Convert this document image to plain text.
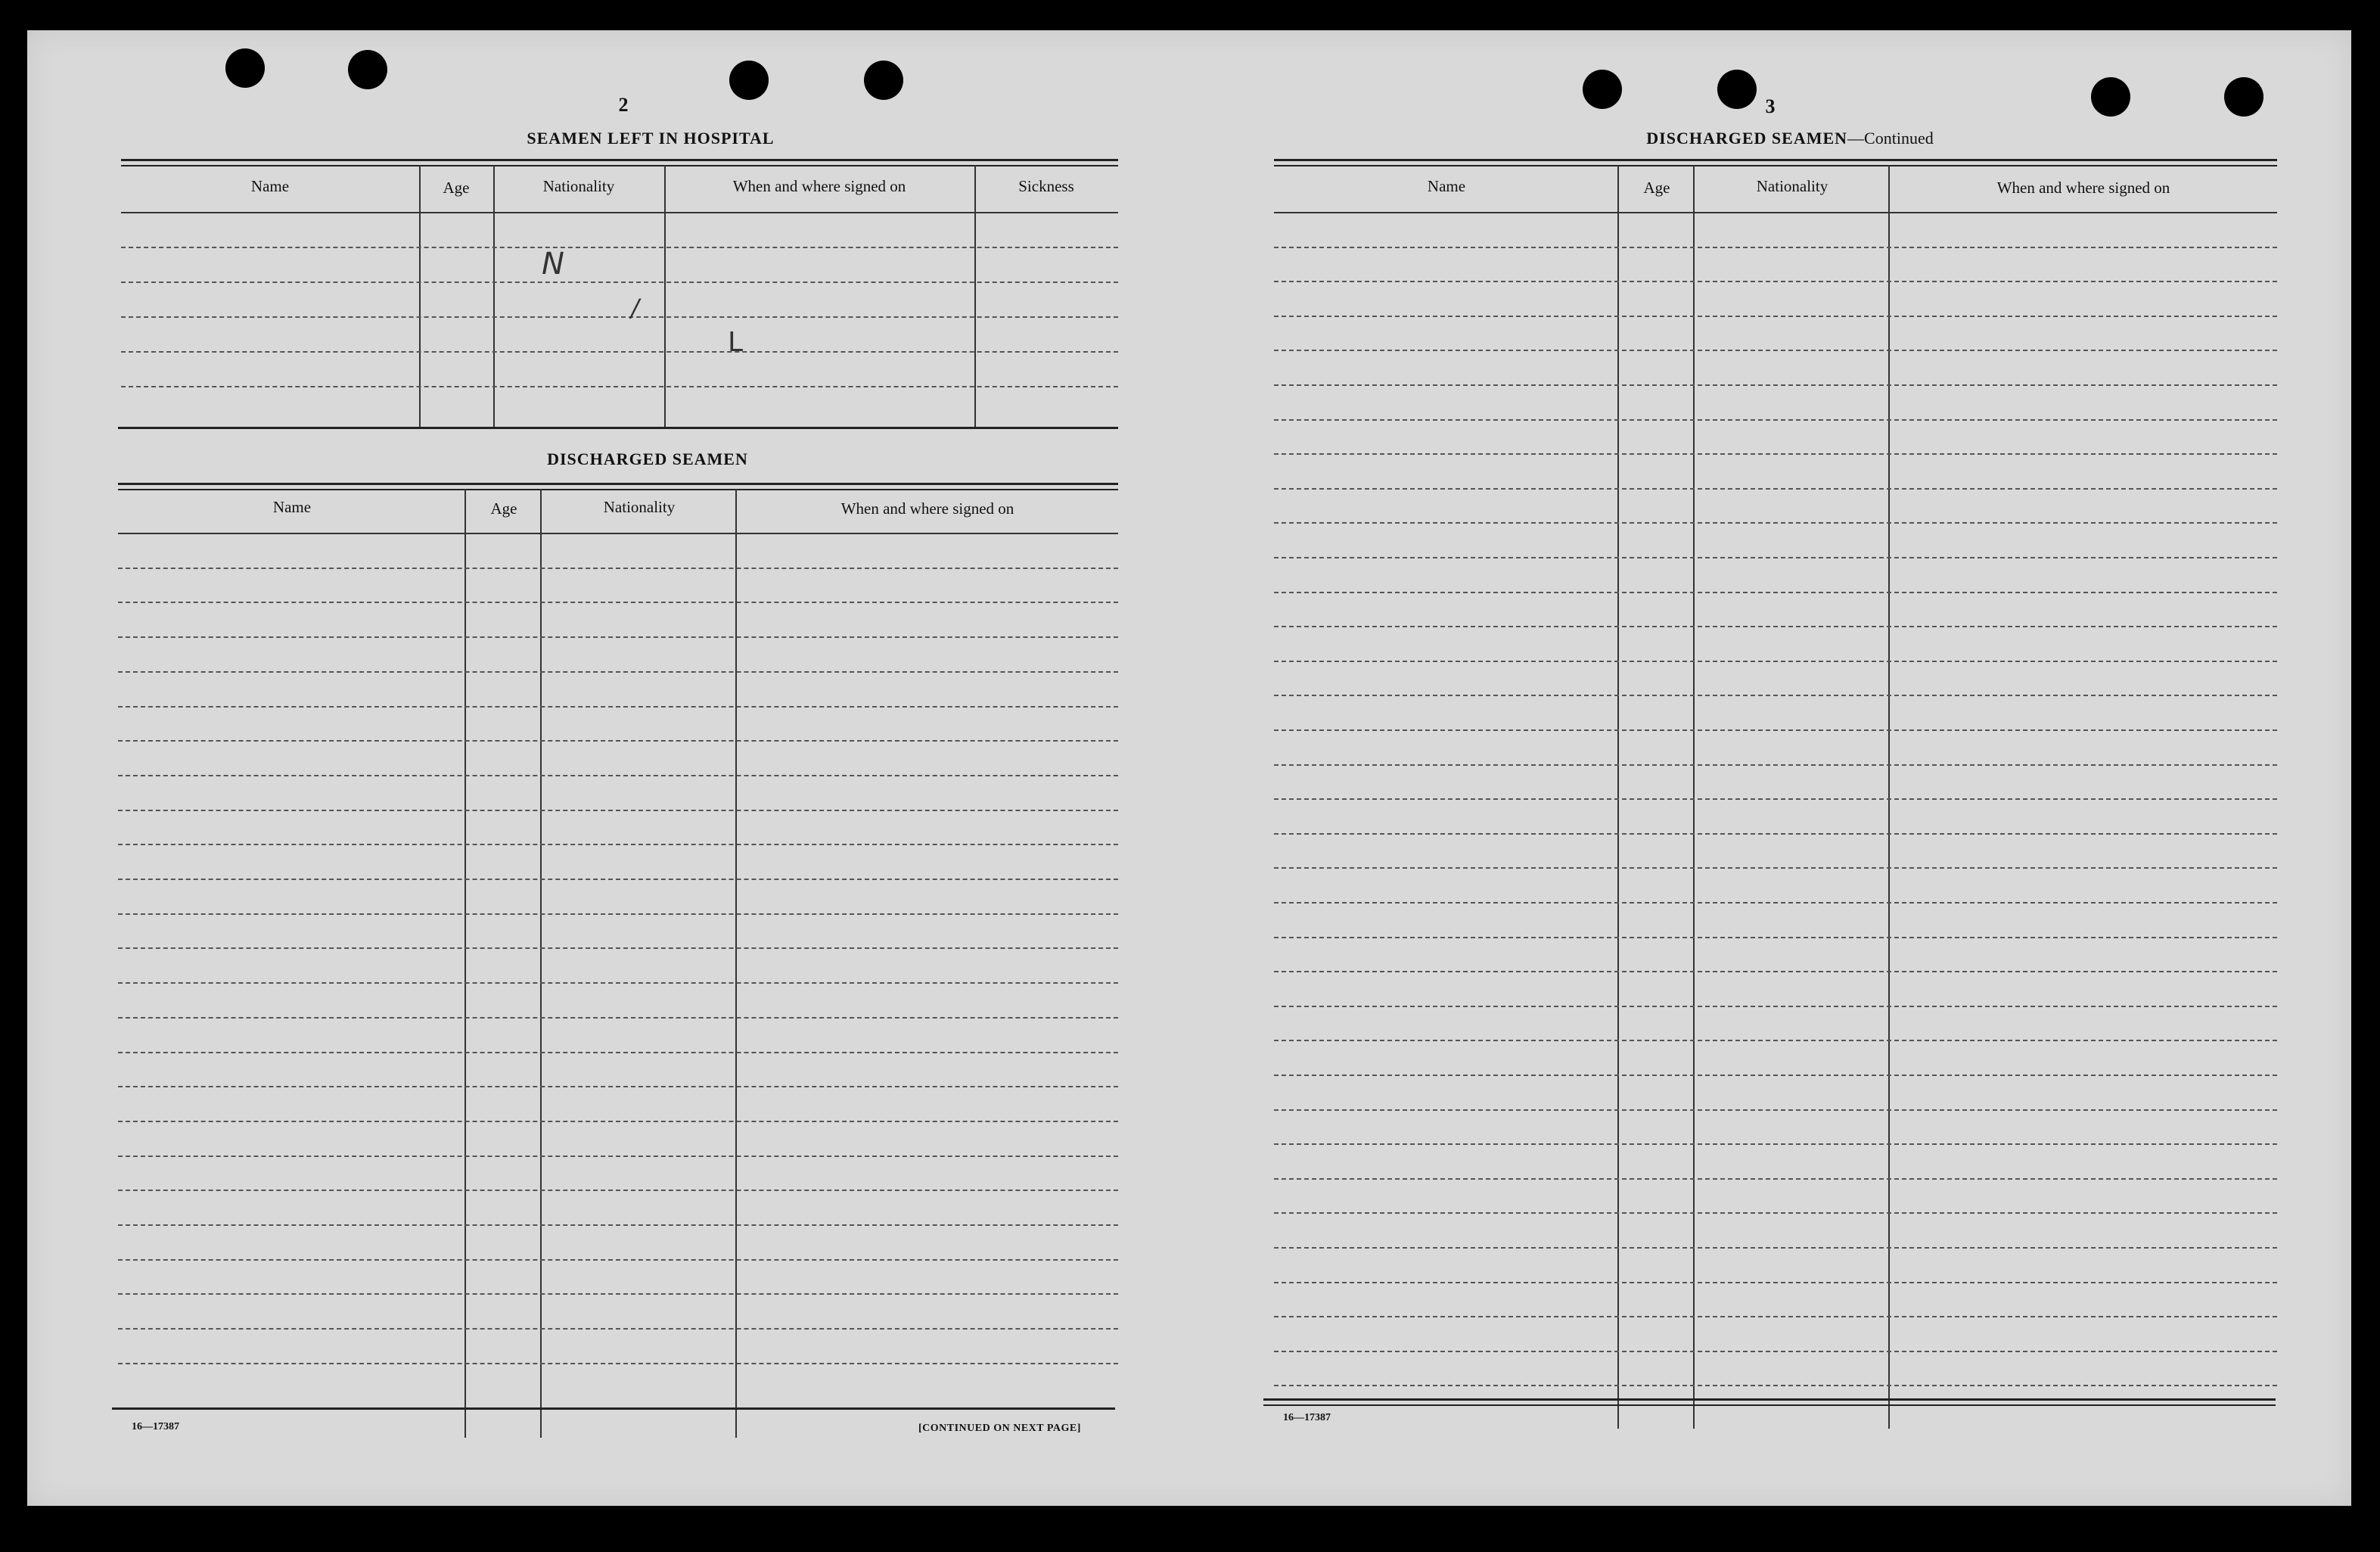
2
SEAMEN LEFT IN HOSPITAL
Name	Age	Nationality	When and where signed on	Sickness
N
/
L
DISCHARGED SEAMEN
Name	Age	Nationality	When and where signed on
16—17387	[CONTINUED ON NEXT PAGE]
3
DISCHARGED SEAMEN—Continued
Name	Age	Nationality	When and where signed on
16—17387
